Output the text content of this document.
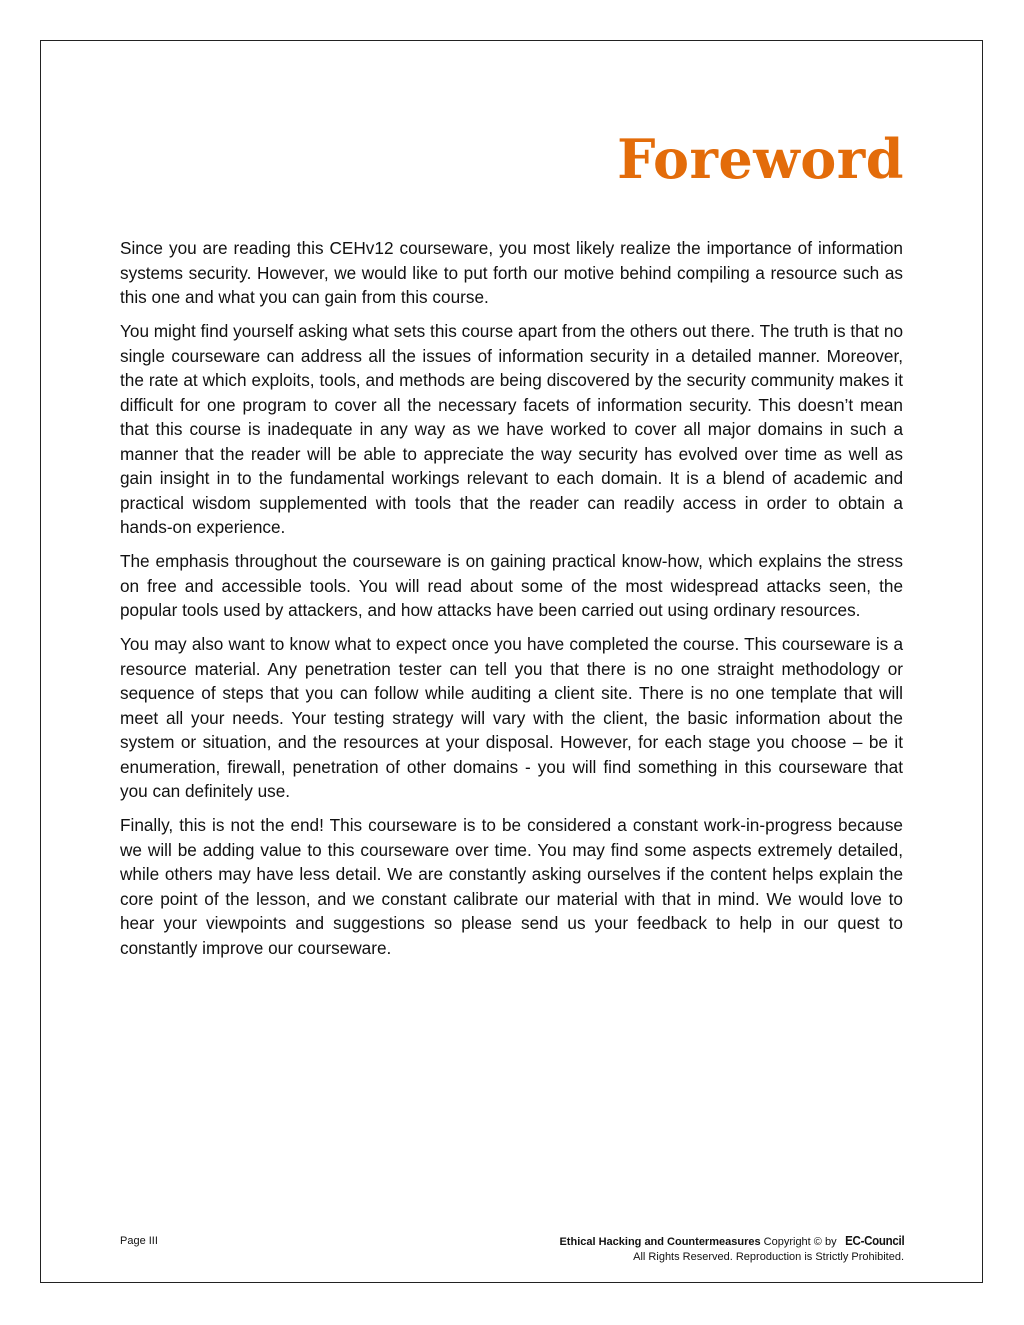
Foreword

Since you are reading this CEHv12 courseware, you most likely realize the importance of information systems security. However, we would like to put forth our motive behind compiling a resource such as this one and what you can gain from this course.

You might find yourself asking what sets this course apart from the others out there. The truth is that no single courseware can address all the issues of information security in a detailed manner. Moreover, the rate at which exploits, tools, and methods are being discovered by the security community makes it difficult for one program to cover all the necessary facets of information security. This doesn’t mean that this course is inadequate in any way as we have worked to cover all major domains in such a manner that the reader will be able to appreciate the way security has evolved over time as well as gain insight in to the fundamental workings relevant to each domain. It is a blend of academic and practical wisdom supplemented with tools that the reader can readily access in order to obtain a hands-on experience.

The emphasis throughout the courseware is on gaining practical know-how, which explains the stress on free and accessible tools. You will read about some of the most widespread attacks seen, the popular tools used by attackers, and how attacks have been carried out using ordinary resources.

You may also want to know what to expect once you have completed the course. This courseware is a resource material. Any penetration tester can tell you that there is no one straight methodology or sequence of steps that you can follow while auditing a client site. There is no one template that will meet all your needs. Your testing strategy will vary with the client, the basic information about the system or situation, and the resources at your disposal. However, for each stage you choose – be it enumeration, firewall, penetration of other domains - you will find something in this courseware that you can definitely use.

Finally, this is not the end! This courseware is to be considered a constant work-in-progress because we will be adding value to this courseware over time. You may find some aspects extremely detailed, while others may have less detail. We are constantly asking ourselves if the content helps explain the core point of the lesson, and we constant calibrate our material with that in mind. We would love to hear your viewpoints and suggestions so please send us your feedback to help in our quest to constantly improve our courseware.

Page III	Ethical Hacking and Countermeasures Copyright © by EC-Council
All Rights Reserved. Reproduction is Strictly Prohibited.
